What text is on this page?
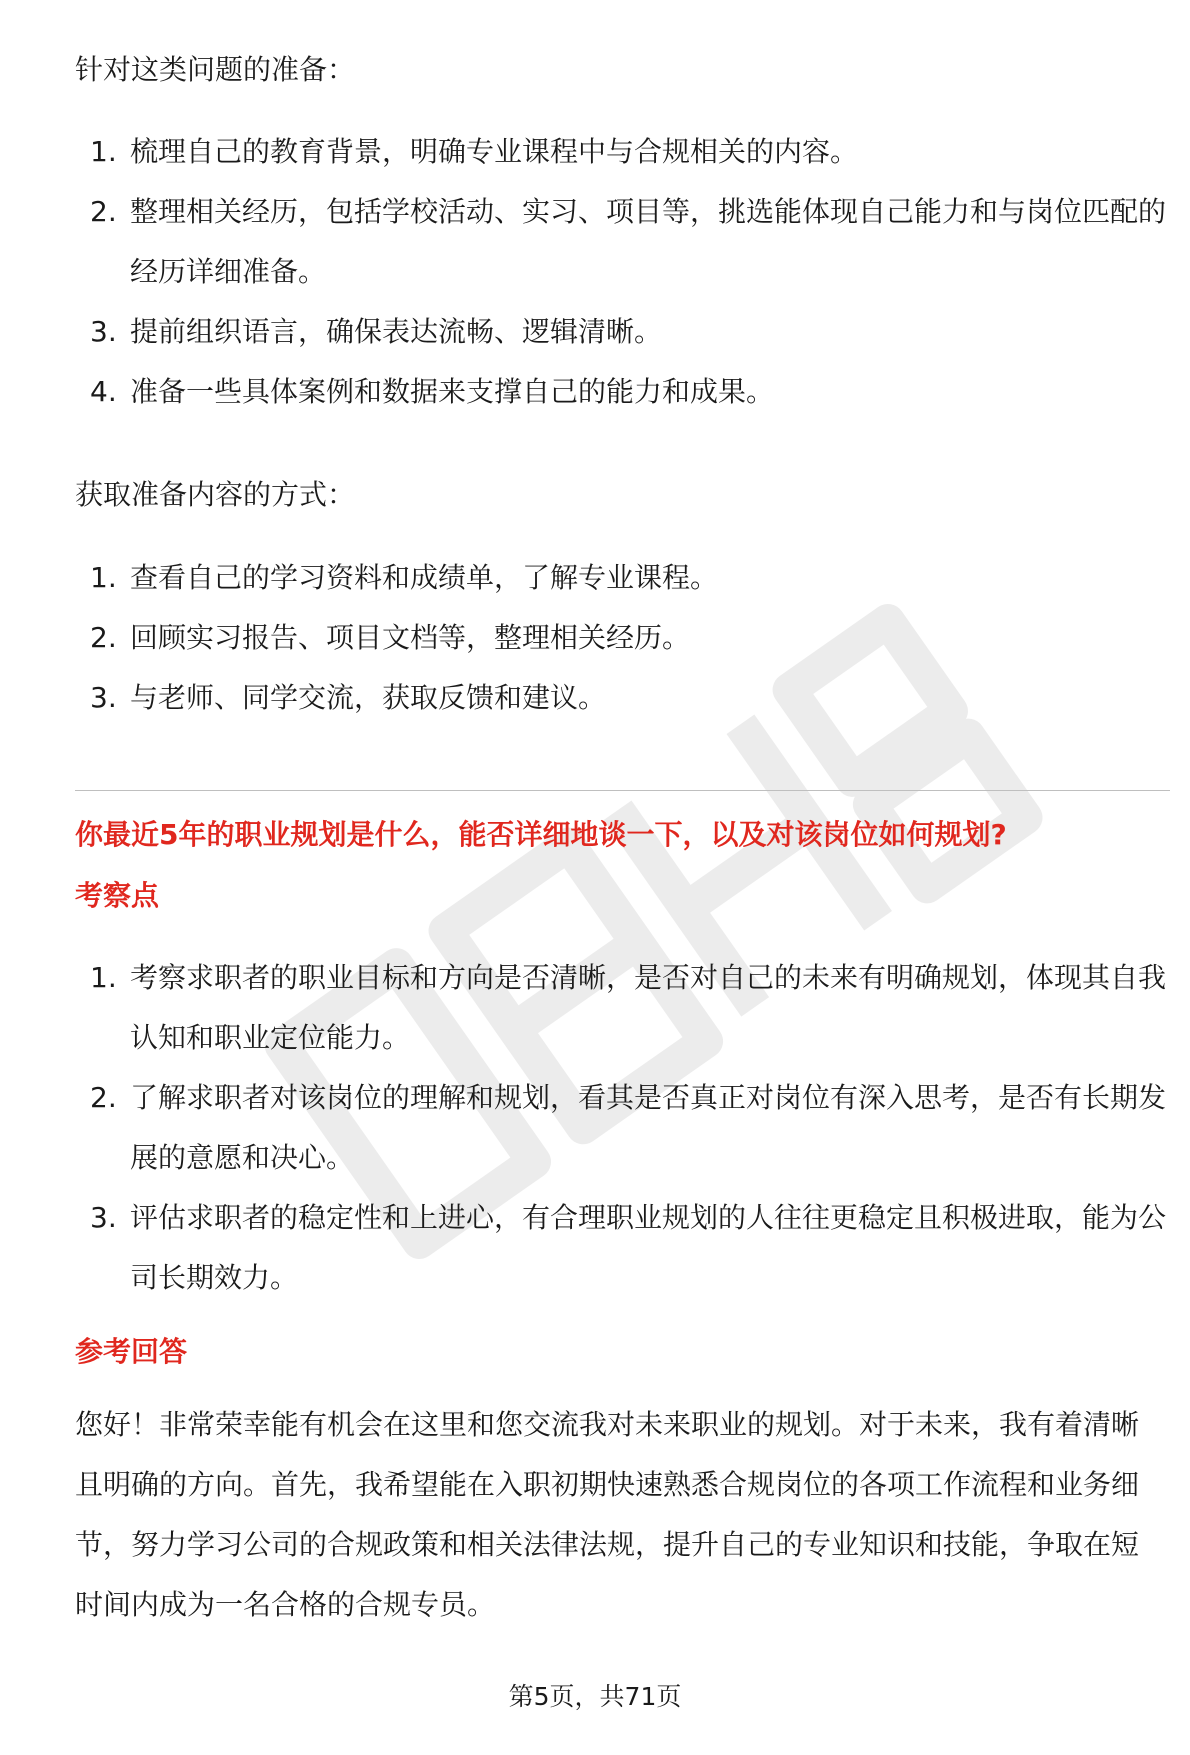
针对这类问题的准备：

1. 梳理自己的教育背景，明确专业课程中与合规相关的内容。
2. 整理相关经历，包括学校活动、实习、项目等，挑选能体现自己能力和与岗位匹配的经历详细准备。
3. 提前组织语言，确保表达流畅、逻辑清晰。
4. 准备一些具体案例和数据来支撑自己的能力和成果。

获取准备内容的方式：

1. 查看自己的学习资料和成绩单，了解专业课程。
2. 回顾实习报告、项目文档等，整理相关经历。
3. 与老师、同学交流，获取反馈和建议。

你最近5年的职业规划是什么，能否详细地谈一下，以及对该岗位如何规划?

考察点

1. 考察求职者的职业目标和方向是否清晰，是否对自己的未来有明确规划，体现其自我认知和职业定位能力。
2. 了解求职者对该岗位的理解和规划，看其是否真正对岗位有深入思考，是否有长期发展的意愿和决心。
3. 评估求职者的稳定性和上进心，有合理职业规划的人往往更稳定且积极进取，能为公司长期效力。

参考回答

您好！非常荣幸能有机会在这里和您交流我对未来职业的规划。对于未来，我有着清晰且明确的方向。首先，我希望能在入职初期快速熟悉合规岗位的各项工作流程和业务细节，努力学习公司的合规政策和相关法律法规，提升自己的专业知识和技能，争取在短时间内成为一名合格的合规专员。

第5页，共71页
